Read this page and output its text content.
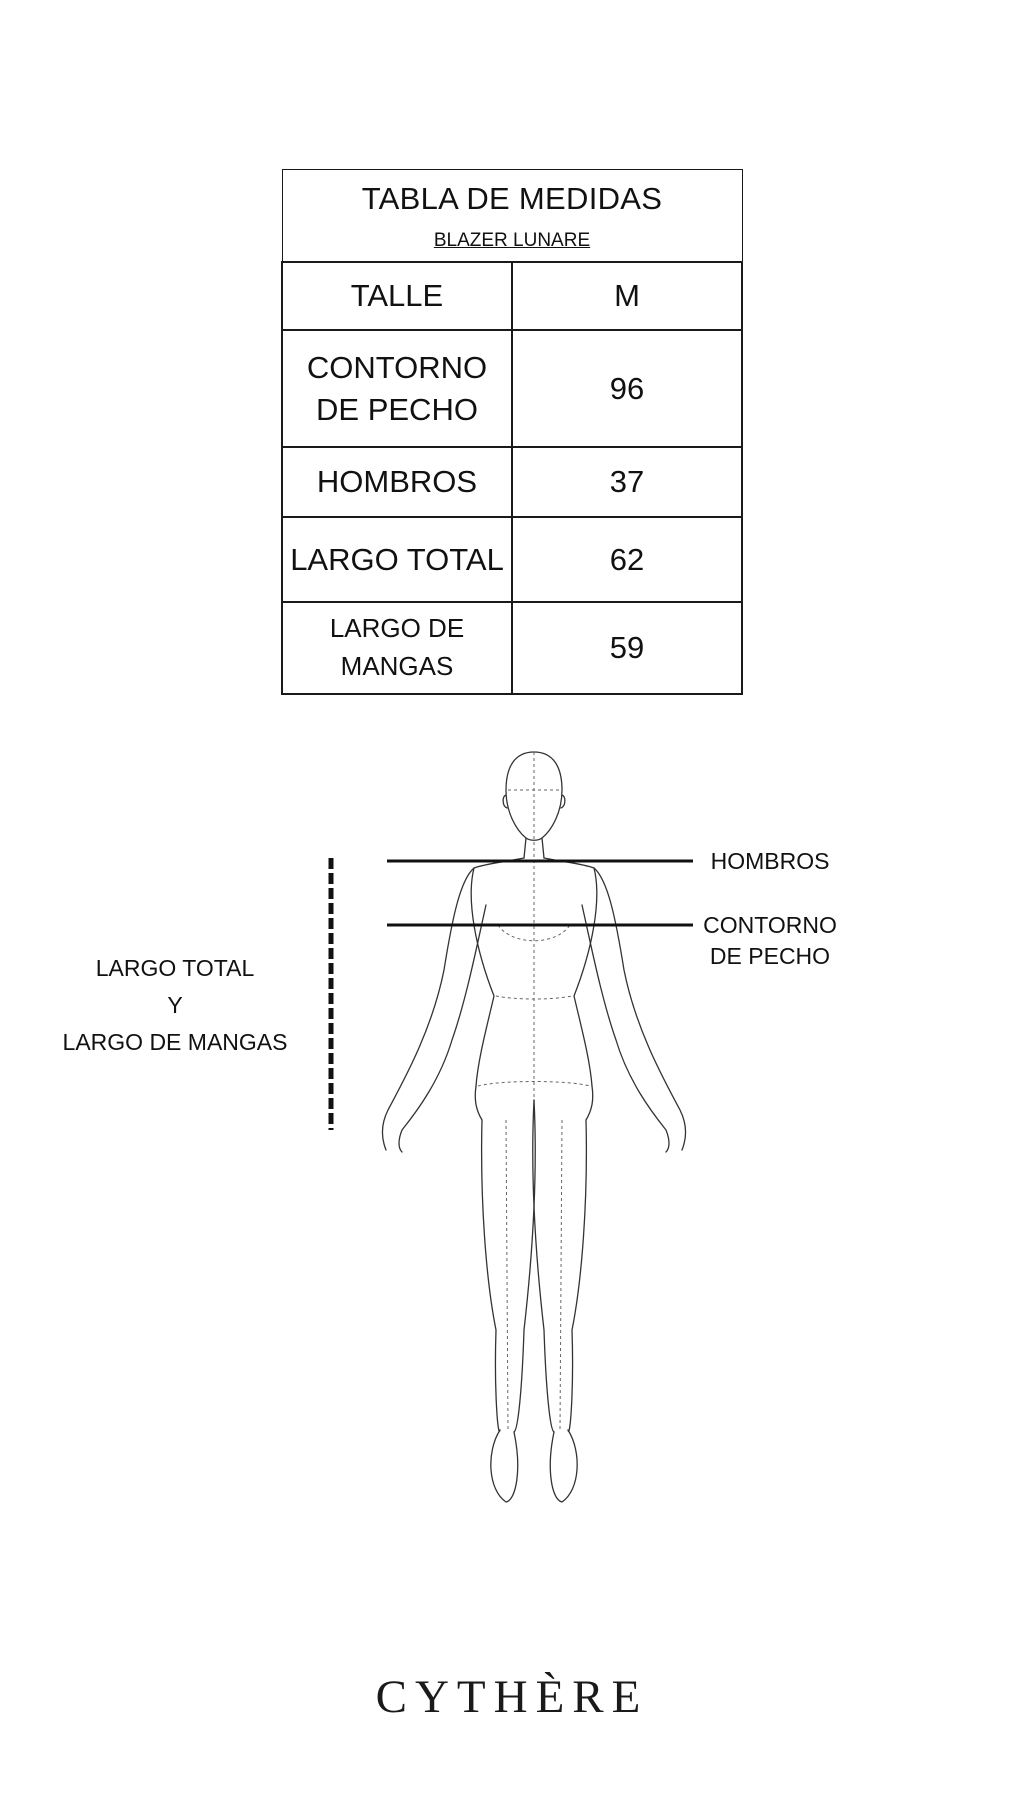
TABLA DE MEDIDAS
BLAZER LUNARE	
TALLE	M

CONTORNO
DE PECHO	96

HOMBROS	37

LARGO TOTAL	62

LARGO DE
MANGAS	59
HOMBROS
CONTORNO
DE PECHO
LARGO TOTAL
Y
LARGO DE MANGAS
CYTHÈRE
